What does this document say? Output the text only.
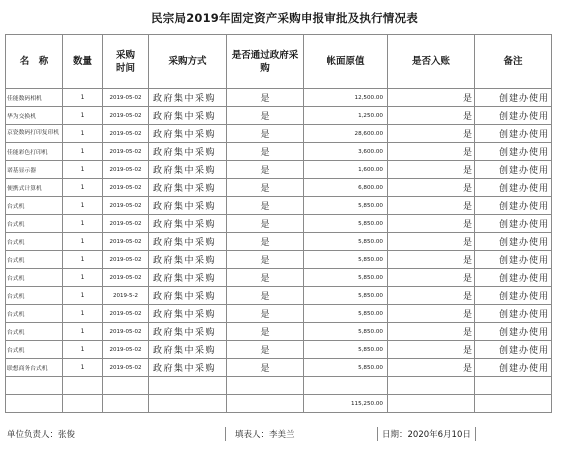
民宗局2019年固定资产采购申报审批及执行情况表
名　称	数量	采购时间	采购方式	是否通过政府采购	帐面原值	是否入账	备注
佳能数码相机	1	2019-05-02	政府集中采购	是	12,500.00	是	创建办使用
华为交换机	1	2019-05-02	政府集中采购	是	1,250.00	是	创建办使用
京瓷数码打印复印机	1	2019-05-02	政府集中采购	是	28,600.00	是	创建办使用
佳能彩色打印机	1	2019-05-02	政府集中采购	是	3,600.00	是	创建办使用
诺基显示器	1	2019-05-02	政府集中采购	是	1,600.00	是	创建办使用
便携式计算机	1	2019-05-02	政府集中采购	是	6,800.00	是	创建办使用
台式机	1	2019-05-02	政府集中采购	是	5,850.00	是	创建办使用
台式机	1	2019-05-02	政府集中采购	是	5,850.00	是	创建办使用
台式机	1	2019-05-02	政府集中采购	是	5,850.00	是	创建办使用
台式机	1	2019-05-02	政府集中采购	是	5,850.00	是	创建办使用
台式机	1	2019-05-02	政府集中采购	是	5,850.00	是	创建办使用
台式机	1	2019-5-2	政府集中采购	是	5,850.00	是	创建办使用
台式机	1	2019-05-02	政府集中采购	是	5,850.00	是	创建办使用
台式机	1	2019-05-02	政府集中采购	是	5,850.00	是	创建办使用
台式机	1	2019-05-02	政府集中采购	是	5,850.00	是	创建办使用
联想商务台式机	1	2019-05-02	政府集中采购	是	5,850.00	是	创建办使用

					115,250.00		
单位负责人：张俊	填表人：李美兰	日期：2020年6月10日
